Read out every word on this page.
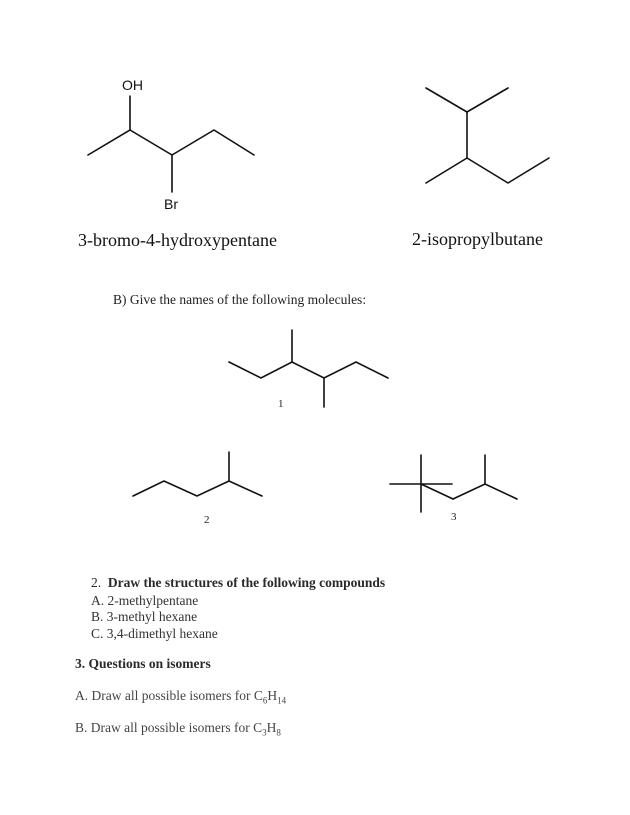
OH
Br
3-bromo-4-hydroxypentane	2-isopropylbutane
B) Give the names of the following molecules:
1
2	3
2. Draw the structures of the following compounds
A. 2-methylpentane
B. 3-methyl hexane
C. 3,4-dimethyl hexane
3. Questions on isomers
A. Draw all possible isomers for $C_6H_{14}$
B. Draw all possible isomers for $C_3H_8$
